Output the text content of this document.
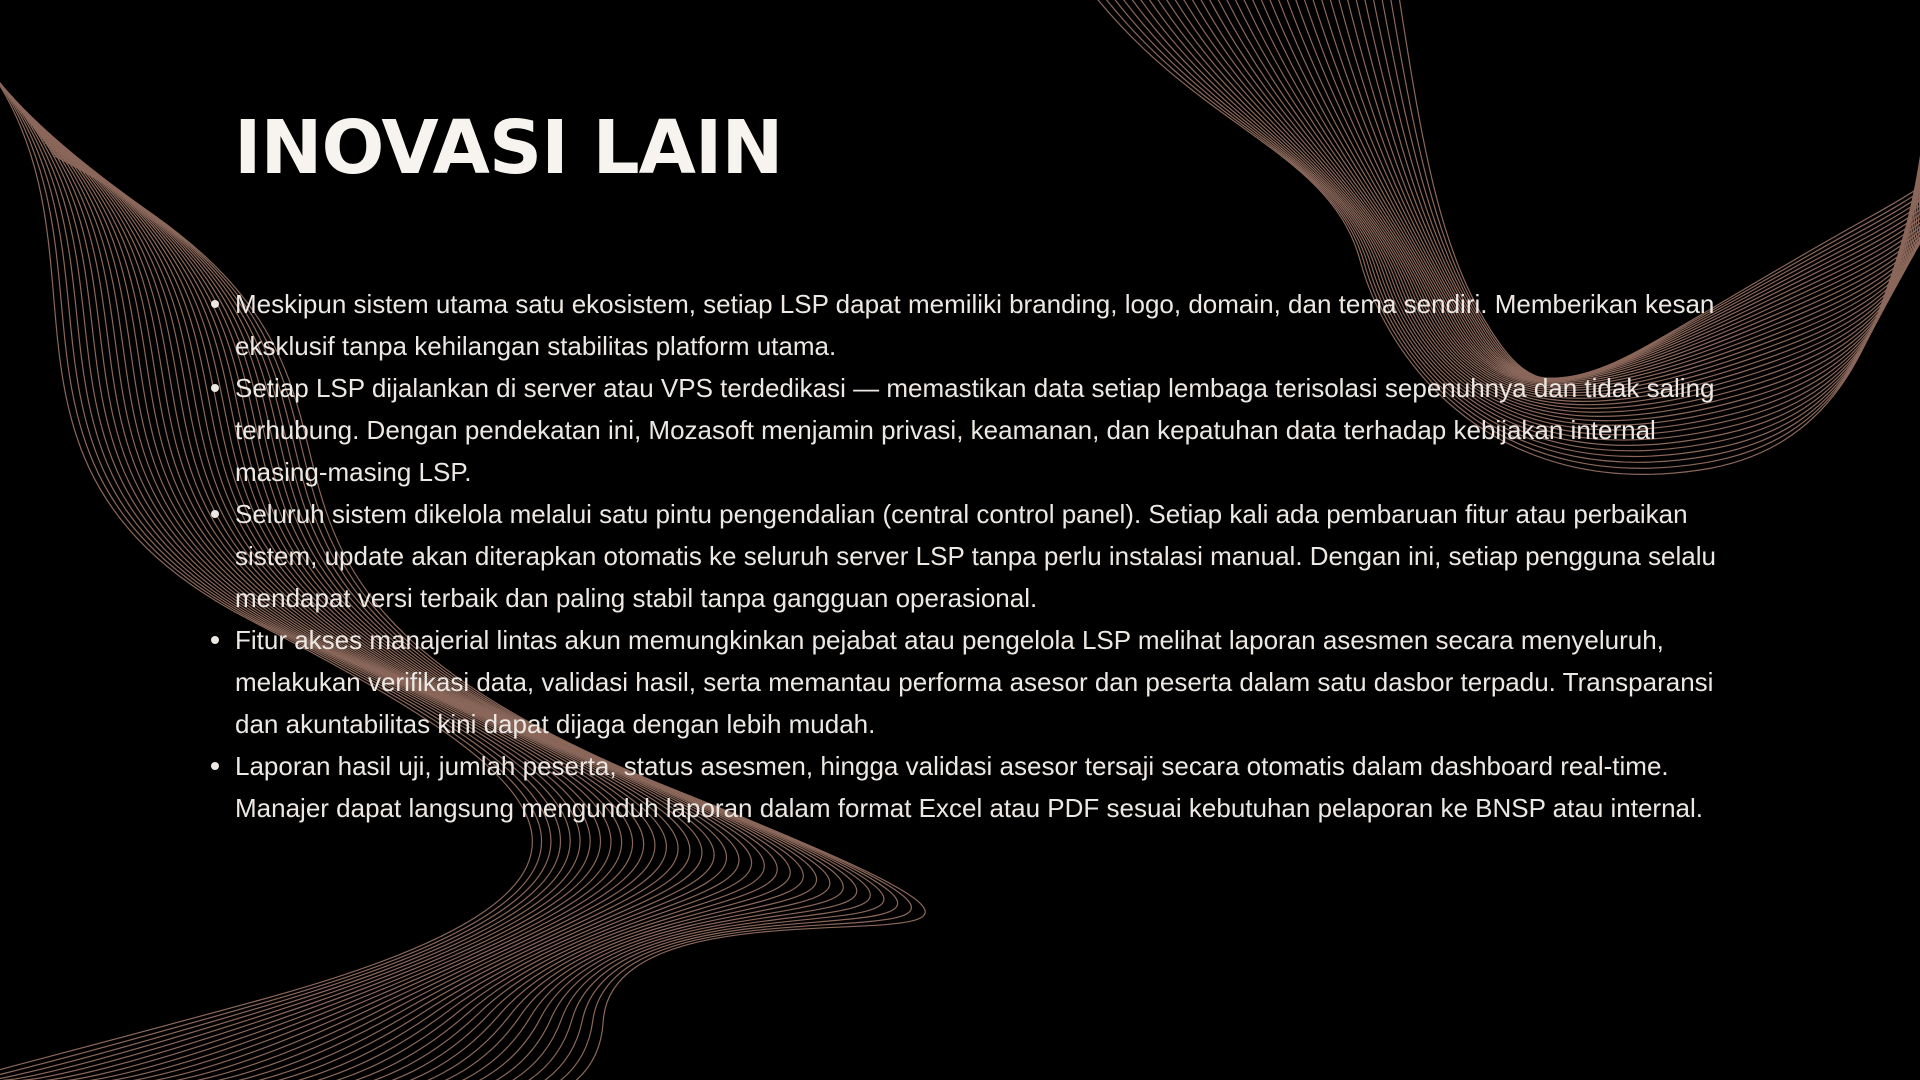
INOVASI LAIN
Meskipun sistem utama satu ekosistem, setiap LSP dapat memiliki branding, logo, domain, dan tema sendiri. Memberikan kesan eksklusif tanpa kehilangan stabilitas platform utama.
Setiap LSP dijalankan di server atau VPS terdedikasi — memastikan data setiap lembaga terisolasi sepenuhnya dan tidak saling terhubung. Dengan pendekatan ini, Mozasoft menjamin privasi, keamanan, dan kepatuhan data terhadap kebijakan internal masing-masing LSP.
Seluruh sistem dikelola melalui satu pintu pengendalian (central control panel). Setiap kali ada pembaruan fitur atau perbaikan sistem, update akan diterapkan otomatis ke seluruh server LSP tanpa perlu instalasi manual. Dengan ini, setiap pengguna selalu mendapat versi terbaik dan paling stabil tanpa gangguan operasional.
Fitur akses manajerial lintas akun memungkinkan pejabat atau pengelola LSP melihat laporan asesmen secara menyeluruh, melakukan verifikasi data, validasi hasil, serta memantau performa asesor dan peserta dalam satu dasbor terpadu. Transparansi dan akuntabilitas kini dapat dijaga dengan lebih mudah.
Laporan hasil uji, jumlah peserta, status asesmen, hingga validasi asesor tersaji secara otomatis dalam dashboard real-time. Manajer dapat langsung mengunduh laporan dalam format Excel atau PDF sesuai kebutuhan pelaporan ke BNSP atau internal.
